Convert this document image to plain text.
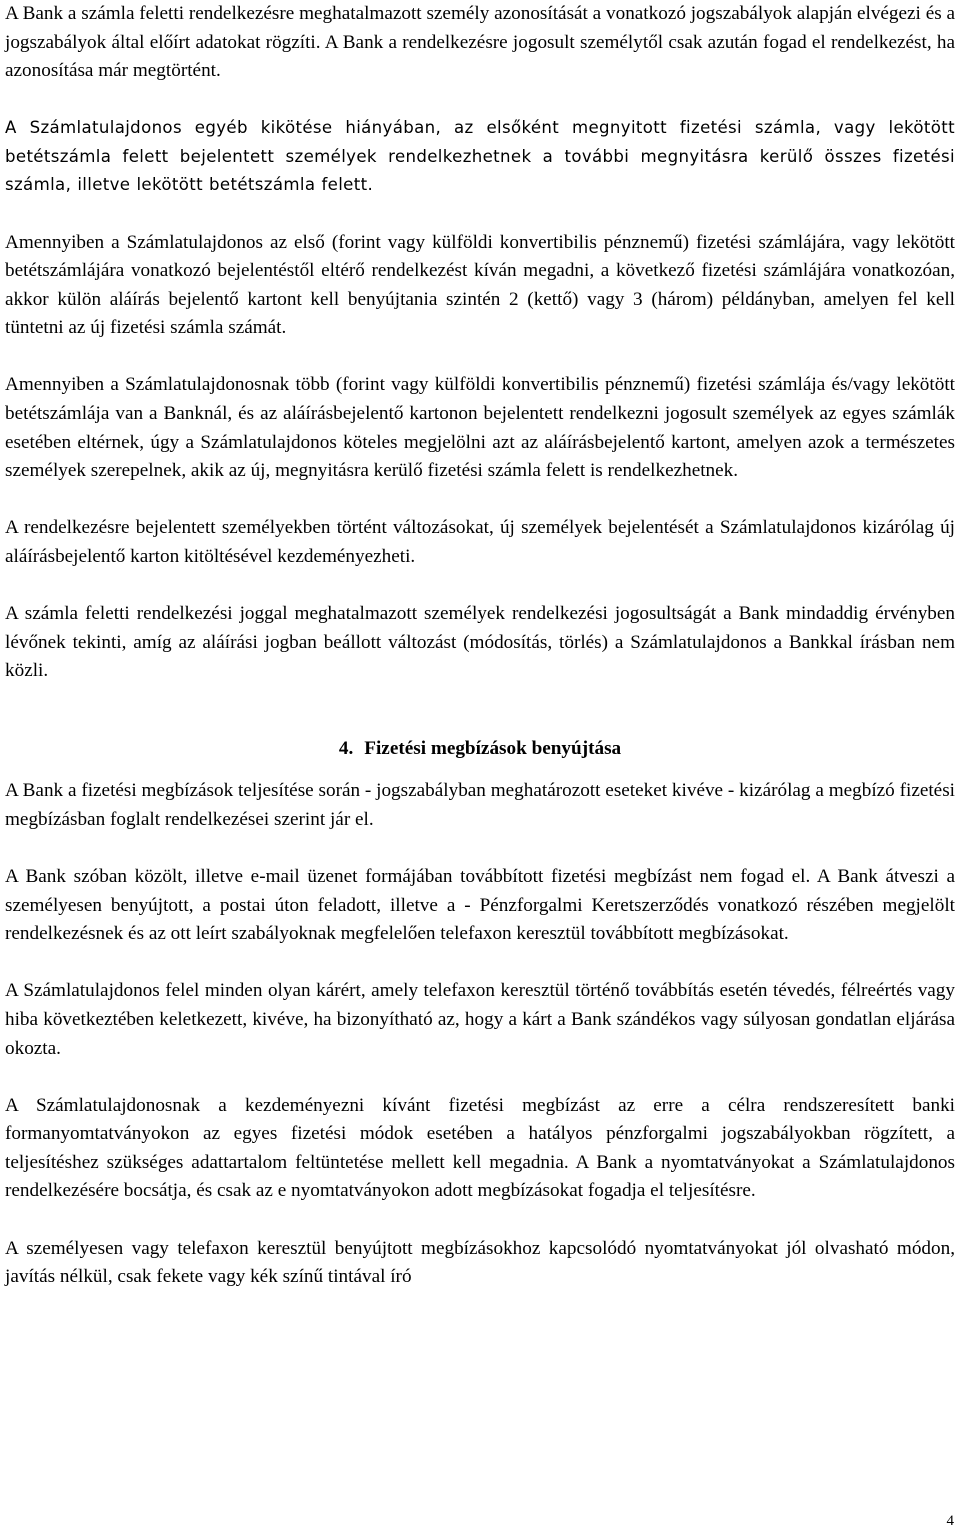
A Bank a számla feletti rendelkezésre meghatalmazott személy azonosítását a vonatkozó jogszabályok alapján elvégezi és a jogszabályok által előírt adatokat rögzíti. A Bank a rendelkezésre jogosult személytől csak azután fogad el rendelkezést, ha azonosítása már megtörtént.

A Számlatulajdonos egyéb kikötése hiányában, az elsőként megnyitott fizetési számla, vagy lekötött betétszámla felett bejelentett személyek rendelkezhetnek a további megnyitásra kerülő összes fizetési számla, illetve lekötött betétszámla felett.

Amennyiben a Számlatulajdonos az első (forint vagy külföldi konvertibilis pénznemű) fizetési számlájára, vagy lekötött betétszámlájára vonatkozó bejelentéstől eltérő rendelkezést kíván megadni, a következő fizetési számlájára vonatkozóan, akkor külön aláírás bejelentő kartont kell benyújtania szintén 2 (kettő) vagy 3 (három) példányban, amelyen fel kell tüntetni az új fizetési számla számát.

Amennyiben a Számlatulajdonosnak több (forint vagy külföldi konvertibilis pénznemű) fizetési számlája és/vagy lekötött betétszámlája van a Banknál, és az aláírásbejelentő kartonon bejelentett rendelkezni jogosult személyek az egyes számlák esetében eltérnek, úgy a Számlatulajdonos köteles megjelölni azt az aláírásbejelentő kartont, amelyen azok a természetes személyek szerepelnek, akik az új, megnyitásra kerülő fizetési számla felett is rendelkezhetnek.

A rendelkezésre bejelentett személyekben történt változásokat, új személyek bejelentését a Számlatulajdonos kizárólag új aláírásbejelentő karton kitöltésével kezdeményezheti.

A számla feletti rendelkezési joggal meghatalmazott személyek rendelkezési jogosultságát a Bank mindaddig érvényben lévőnek tekinti, amíg az aláírási jogban beállott változást (módosítás, törlés) a Számlatulajdonos a Bankkal írásban nem közli.

4. Fizetési megbízások benyújtása

A Bank a fizetési megbízások teljesítése során - jogszabályban meghatározott eseteket kivéve - kizárólag a megbízó fizetési megbízásban foglalt rendelkezései szerint jár el.

A Bank szóban közölt, illetve e-mail üzenet formájában továbbított fizetési megbízást nem fogad el. A Bank átveszi a személyesen benyújtott, a postai úton feladott, illetve a - Pénzforgalmi Keretszerződés vonatkozó részében megjelölt rendelkezésnek és az ott leírt szabályoknak megfelelően telefaxon keresztül továbbított megbízásokat.

A Számlatulajdonos felel minden olyan kárért, amely telefaxon keresztül történő továbbítás esetén tévedés, félreértés vagy hiba következtében keletkezett, kivéve, ha bizonyítható az, hogy a kárt a Bank szándékos vagy súlyosan gondatlan eljárása okozta.

A Számlatulajdonosnak a kezdeményezni kívánt fizetési megbízást az erre a célra rendszeresített banki formanyomtatványokon az egyes fizetési módok esetében a hatályos pénzforgalmi jogszabályokban rögzített, a teljesítéshez szükséges adattartalom feltüntetése mellett kell megadnia. A Bank a nyomtatványokat a Számlatulajdonos rendelkezésére bocsátja, és csak az e nyomtatványokon adott megbízásokat fogadja el teljesítésre.

A személyesen vagy telefaxon keresztül benyújtott megbízásokhoz kapcsolódó nyomtatványokat jól olvasható módon, javítás nélkül, csak fekete vagy kék színű tintával író

4
